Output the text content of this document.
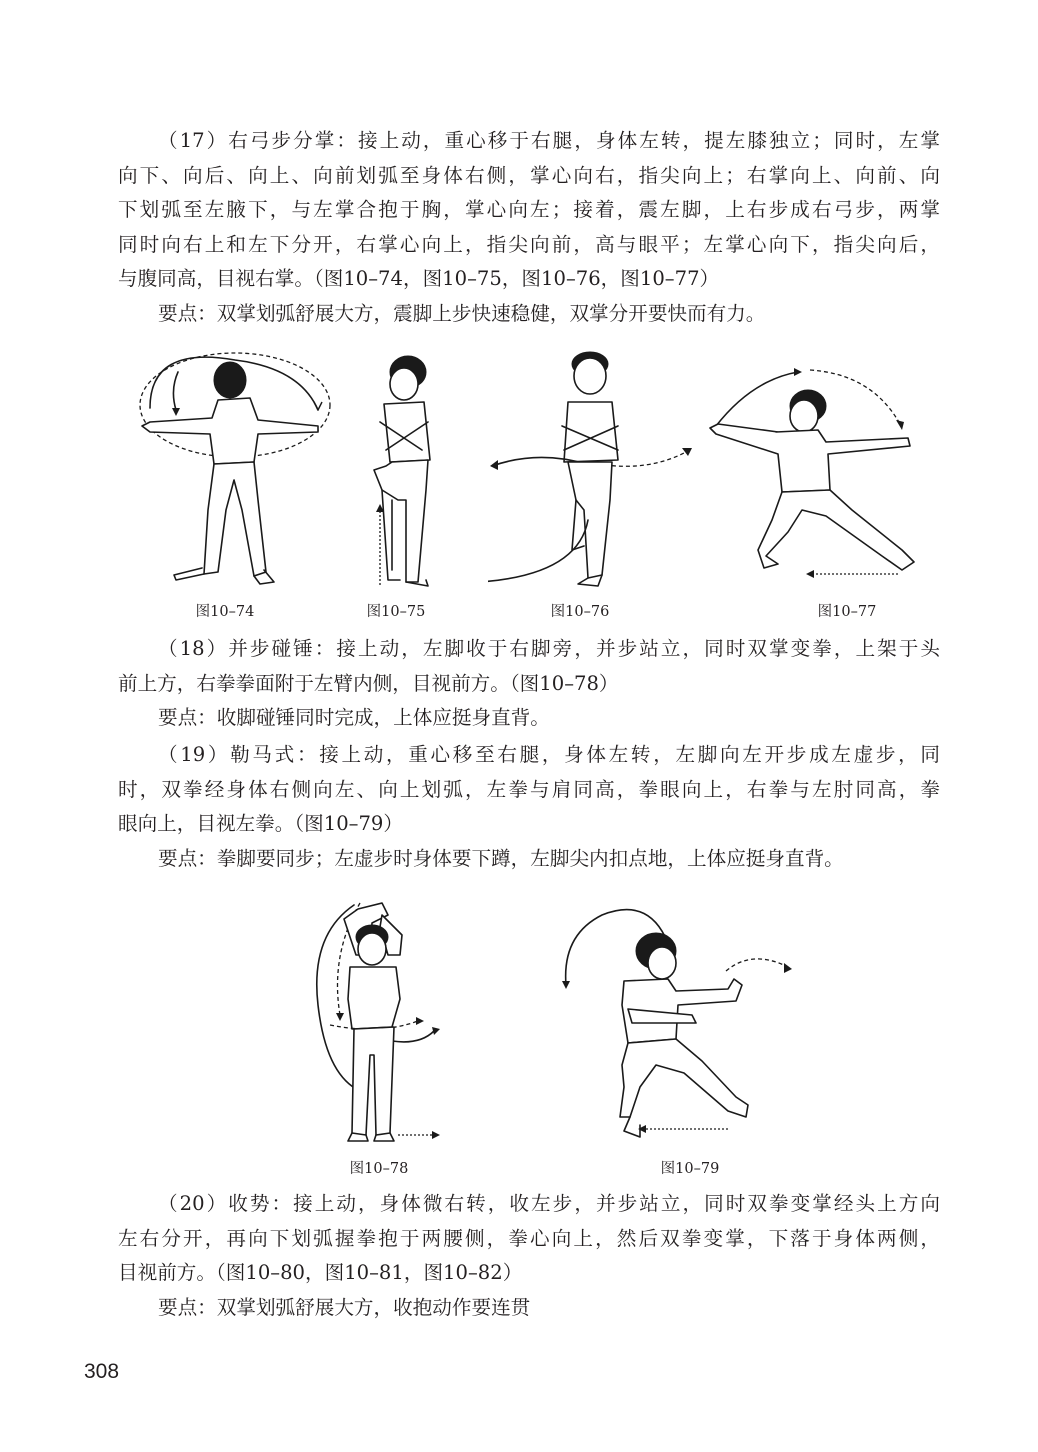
（17）右弓步分掌：接上动，重心移于右腿，身体左转，提左膝独立；同时，左掌
向下、向后、向上、向前划弧至身体右侧，掌心向右，指尖向上；右掌向上、向前、向
下划弧至左腋下，与左掌合抱于胸，掌心向左；接着，震左脚，上右步成右弓步，两掌
同时向右上和左下分开，右掌心向上，指尖向前，高与眼平；左掌心向下，指尖向后，
与腹同高，目视右掌。（图10–74，图10–75，图10–76，图10–77）
要点：双掌划弧舒展大方，震脚上步快速稳健，双掌分开要快而有力。
图10–74	图10–75	图10–76	图10–77
（18）并步碰锤：接上动，左脚收于右脚旁，并步站立，同时双掌变拳，上架于头
前上方，右拳拳面附于左臂内侧，目视前方。（图10–78）
要点：收脚碰锤同时完成，上体应挺身直背。
（19）勒马式：接上动，重心移至右腿，身体左转，左脚向左开步成左虚步，同
时，双拳经身体右侧向左、向上划弧，左拳与肩同高，拳眼向上，右拳与左肘同高，拳
眼向上，目视左拳。（图10–79）
要点：拳脚要同步；左虚步时身体要下蹲，左脚尖内扣点地，上体应挺身直背。
图10–78	图10–79
（20）收势：接上动，身体微右转，收左步，并步站立，同时双拳变掌经头上方向
左右分开，再向下划弧握拳抱于两腰侧，拳心向上，然后双拳变掌，下落于身体两侧，
目视前方。（图10–80，图10–81，图10–82）
要点：双掌划弧舒展大方，收抱动作要连贯
308
